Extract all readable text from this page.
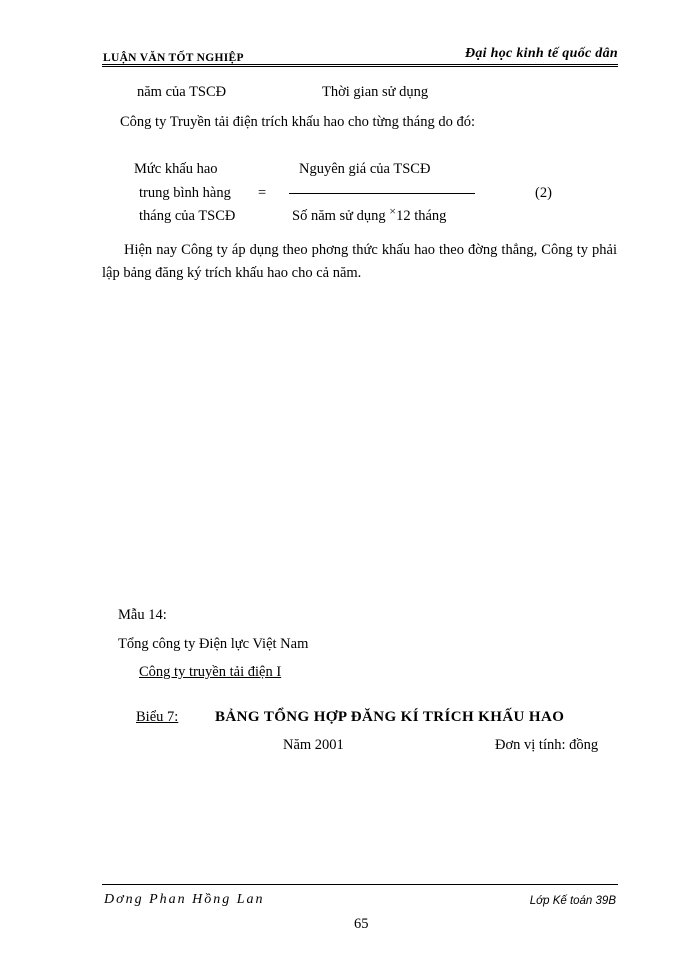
LUẬN VĂN TỐT NGHIỆP	Đại học kinh tế quốc dân
năm của TSCĐ	Thời gian sử dụng
Công ty Truyền tải điện trích khấu hao cho từng tháng do đó:
Mức khấu hao
trung bình hàng
tháng của TSCĐ
=
Nguyên giá của TSCĐ
Số năm sử dụng ×12 tháng
(2)
Hiện nay Công ty áp dụng theo phơng thức khấu hao theo đờng thẳng, Công ty phải lập bảng đăng ký trích khấu hao cho cả năm.
Mẫu 14:
Tổng công ty Điện lực Việt Nam
Công ty truyền tải điện I
Biểu 7: BẢNG TỔNG HỢP ĐĂNG KÍ TRÍCH KHẤU HAO
Năm 2001	Đơn vị tính: đồng
Dơng Phan Hồng Lan	Lớp Kế toán 39B
65
